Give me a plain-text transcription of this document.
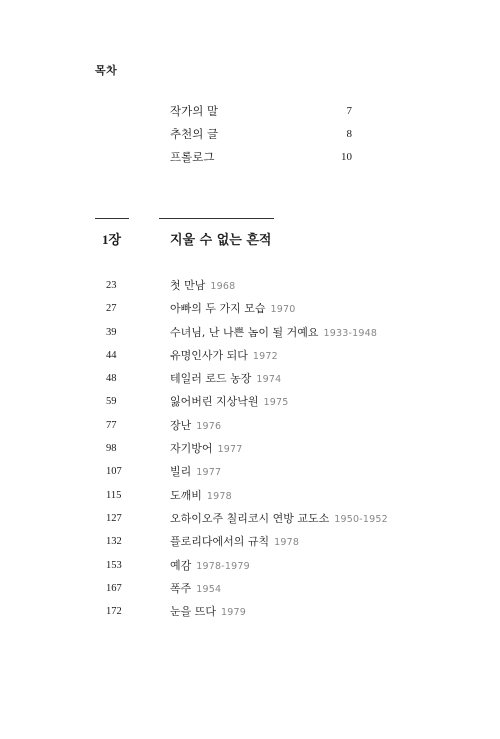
목차
작가의 말	7
추천의 글	8
프롤로그	10
1장	지울 수 없는 흔적
23	첫 만남 1968
27	아빠의 두 가지 모습 1970
39	수녀님, 난 나쁜 놈이 될 거예요 1933-1948
44	유명인사가 되다 1972
48	테일러 로드 농장 1974
59	잃어버린 지상낙원 1975
77	장난 1976
98	자기방어 1977
107	빌리 1977
115	도깨비 1978
127	오하이오주 칠리코시 연방 교도소 1950-1952
132	플로리다에서의 규칙 1978
153	예감 1978-1979
167	폭주 1954
172	눈을 뜨다 1979
